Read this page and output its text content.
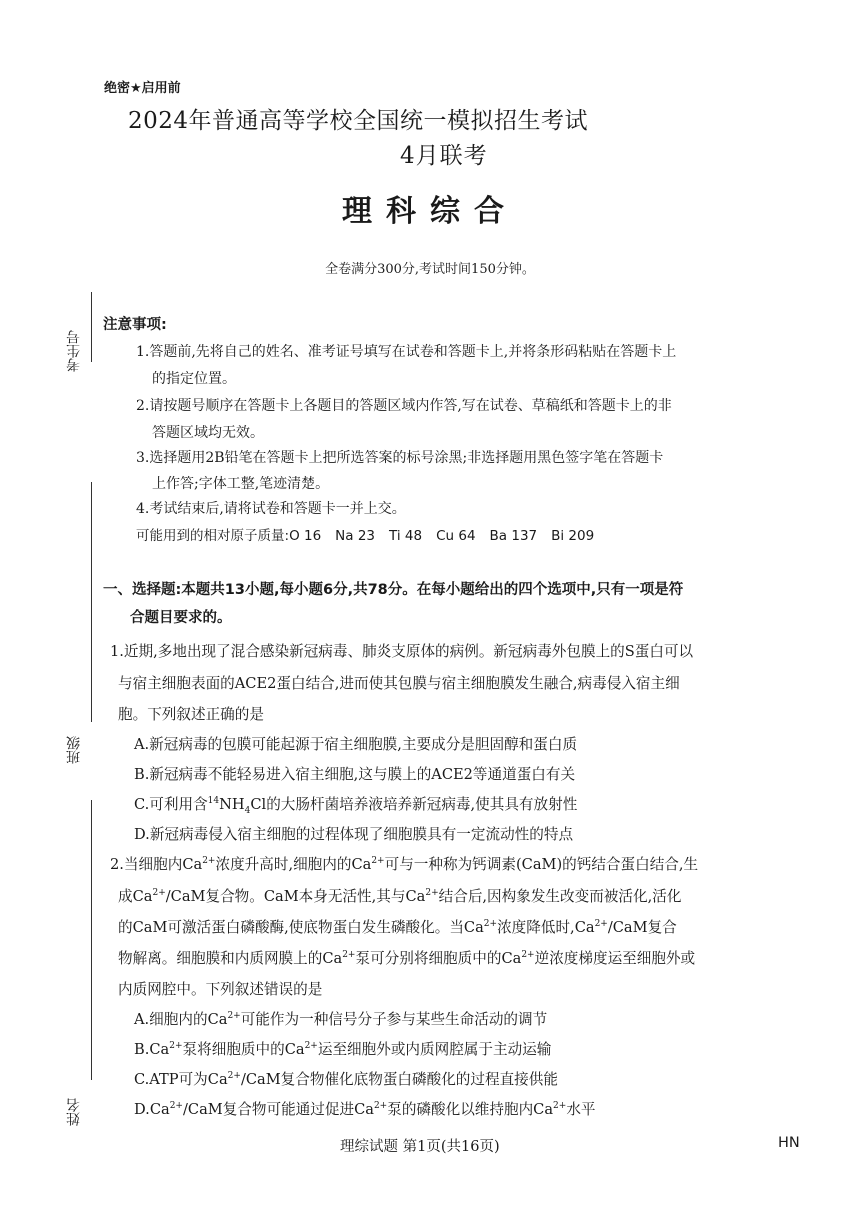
考生号
班级
姓名
绝密★启用前
2024年普通高等学校全国统一模拟招生考试
4月联考
理科综合
全卷满分300分,考试时间150分钟。
注意事项:
1.答题前,先将自己的姓名、准考证号填写在试卷和答题卡上,并将条形码粘贴在答题卡上
的指定位置。
2.请按题号顺序在答题卡上各题目的答题区域内作答,写在试卷、草稿纸和答题卡上的非
答题区域均无效。
3.选择题用2B铅笔在答题卡上把所选答案的标号涂黑;非选择题用黑色签字笔在答题卡
上作答;字体工整,笔迹清楚。
4.考试结束后,请将试卷和答题卡一并上交。
可能用到的相对原子质量:O 16 Na 23 Ti 48 Cu 64 Ba 137 Bi 209
一、选择题:本题共13小题,每小题6分,共78分。在每小题给出的四个选项中,只有一项是符
合题目要求的。
1.近期,多地出现了混合感染新冠病毒、肺炎支原体的病例。新冠病毒外包膜上的S蛋白可以
与宿主细胞表面的ACE2蛋白结合,进而使其包膜与宿主细胞膜发生融合,病毒侵入宿主细
胞。下列叙述正确的是
A.新冠病毒的包膜可能起源于宿主细胞膜,主要成分是胆固醇和蛋白质
B.新冠病毒不能轻易进入宿主细胞,这与膜上的ACE2等通道蛋白有关
C.可利用含$^{14}NH_4Cl$的大肠杆菌培养液培养新冠病毒,使其具有放射性
D.新冠病毒侵入宿主细胞的过程体现了细胞膜具有一定流动性的特点
2.当细胞内$Ca^{2+}$浓度升高时,细胞内的$Ca^{2+}$可与一种称为钙调素(CaM)的钙结合蛋白结合,生
成$Ca^{2+}$/CaM复合物。CaM本身无活性,其与$Ca^{2+}$结合后,因构象发生改变而被活化,活化
的CaM可激活蛋白磷酸酶,使底物蛋白发生磷酸化。当$Ca^{2+}$浓度降低时$,Ca^{2+}$/CaM复合
物解离。细胞膜和内质网膜上的$Ca^{2+}$泵可分别将细胞质中的$Ca^{2+}$逆浓度梯度运至细胞外或
内质网腔中。下列叙述错误的是
A.细胞内的$Ca^{2+}$可能作为一种信号分子参与某些生命活动的调节
$B.Ca^{2+}$泵将细胞质中的$Ca^{2+}$运至细胞外或内质网腔属于主动运输
C.ATP可为$Ca^{2+}$/CaM复合物催化底物蛋白磷酸化的过程直接供能
$D.Ca^{2+}$/CaM复合物可能通过促进$Ca^{2+}$泵的磷酸化以维持胞内$Ca^{2+}$水平
理综试题 第1页(共16页)	HN
